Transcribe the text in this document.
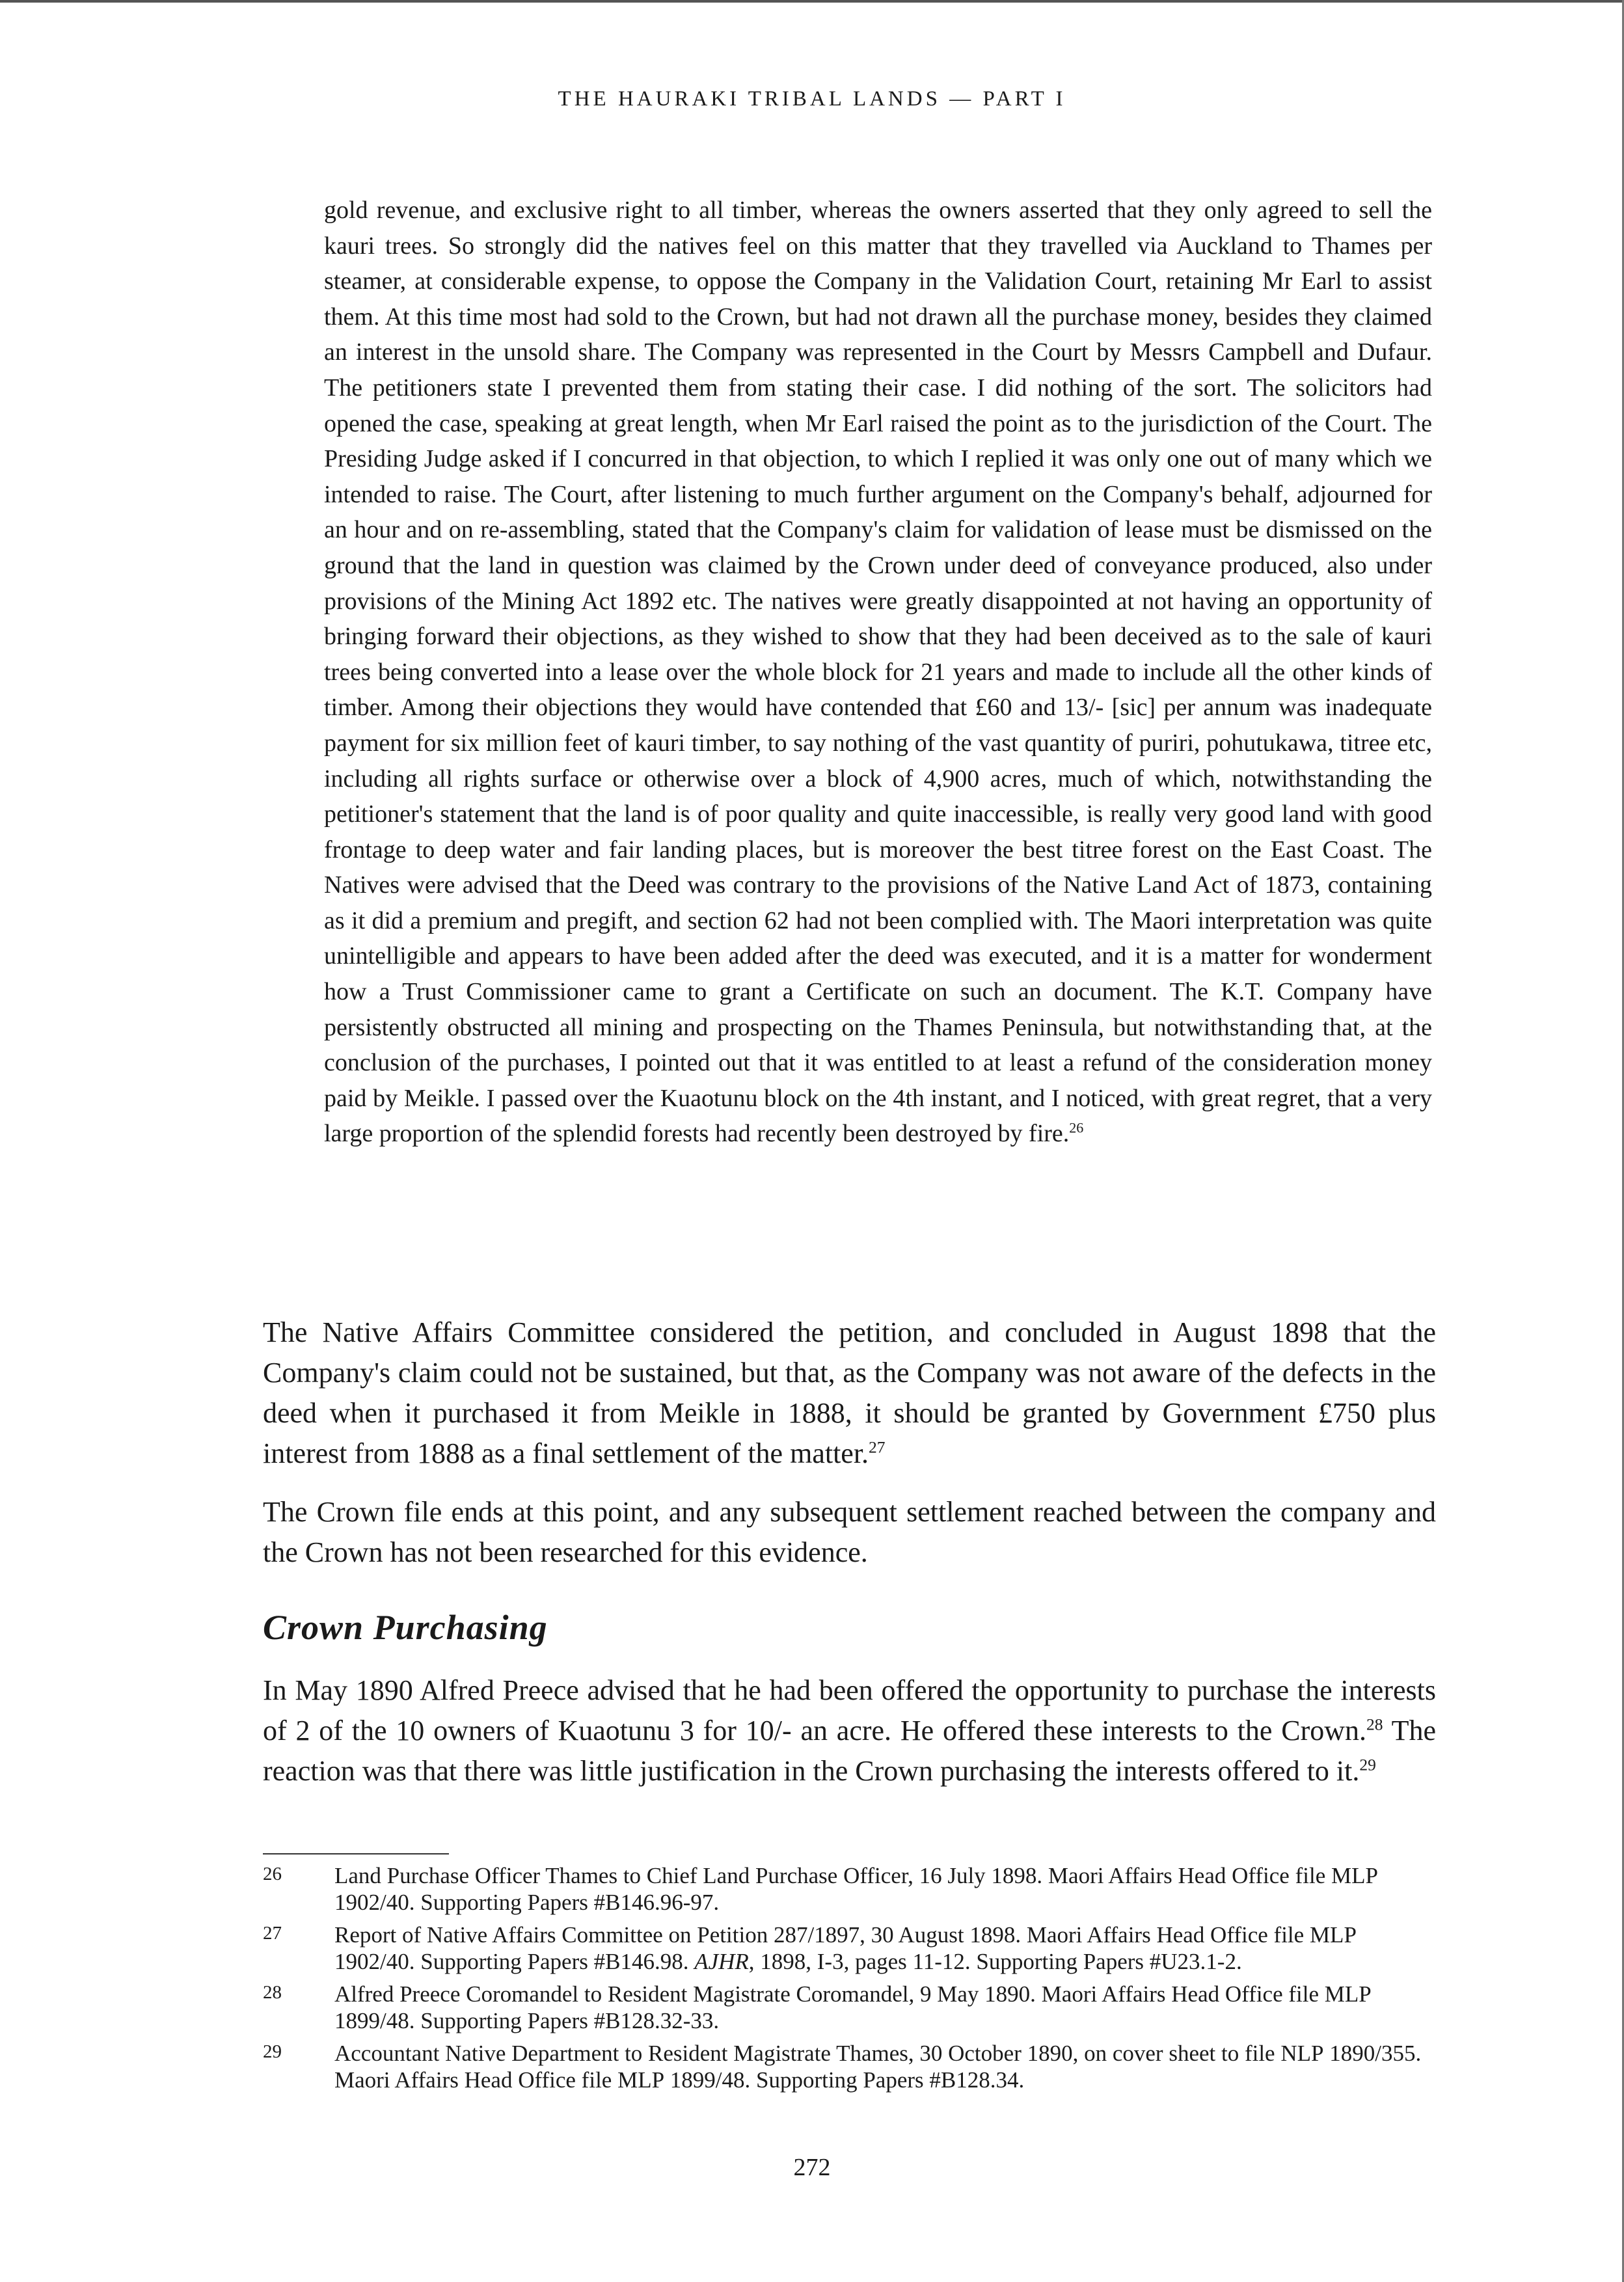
THE HAURAKI TRIBAL LANDS — PART I

gold revenue, and exclusive right to all timber, whereas the owners asserted that they only agreed to sell the kauri trees. So strongly did the natives feel on this matter that they travelled via Auckland to Thames per steamer, at considerable expense, to oppose the Company in the Validation Court, retaining Mr Earl to assist them. At this time most had sold to the Crown, but had not drawn all the purchase money, besides they claimed an interest in the unsold share. The Company was represented in the Court by Messrs Campbell and Dufaur. The petitioners state I prevented them from stating their case. I did nothing of the sort. The solicitors had opened the case, speaking at great length, when Mr Earl raised the point as to the jurisdiction of the Court. The Presiding Judge asked if I concurred in that objection, to which I replied it was only one out of many which we intended to raise. The Court, after listening to much further argument on the Company's behalf, adjourned for an hour and on re-assembling, stated that the Company's claim for validation of lease must be dismissed on the ground that the land in question was claimed by the Crown under deed of conveyance produced, also under provisions of the Mining Act 1892 etc. The natives were greatly disappointed at not having an opportunity of bringing forward their objections, as they wished to show that they had been deceived as to the sale of kauri trees being converted into a lease over the whole block for 21 years and made to include all the other kinds of timber. Among their objections they would have contended that £60 and 13/- [sic] per annum was inadequate payment for six million feet of kauri timber, to say nothing of the vast quantity of puriri, pohutukawa, titree etc, including all rights surface or otherwise over a block of 4,900 acres, much of which, notwithstanding the petitioner's statement that the land is of poor quality and quite inaccessible, is really very good land with good frontage to deep water and fair landing places, but is moreover the best titree forest on the East Coast. The Natives were advised that the Deed was contrary to the provisions of the Native Land Act of 1873, containing as it did a premium and pregift, and section 62 had not been complied with. The Maori interpretation was quite unintelligible and appears to have been added after the deed was executed, and it is a matter for wonderment how a Trust Commissioner came to grant a Certificate on such an document. The K.T. Company have persistently obstructed all mining and prospecting on the Thames Peninsula, but notwithstanding that, at the conclusion of the purchases, I pointed out that it was entitled to at least a refund of the consideration money paid by Meikle. I passed over the Kuaotunu block on the 4th instant, and I noticed, with great regret, that a very large proportion of the splendid forests had recently been destroyed by fire.$^{26}$

The Native Affairs Committee considered the petition, and concluded in August 1898 that the Company's claim could not be sustained, but that, as the Company was not aware of the defects in the deed when it purchased it from Meikle in 1888, it should be granted by Government £750 plus interest from 1888 as a final settlement of the matter.$^{27}$

The Crown file ends at this point, and any subsequent settlement reached between the company and the Crown has not been researched for this evidence.

Crown Purchasing

In May 1890 Alfred Preece advised that he had been offered the opportunity to purchase the interests of 2 of the 10 owners of Kuaotunu 3 for 10/- an acre. He offered these interests to the Crown.$^{28}$ The reaction was that there was little justification in the Crown purchasing the interests offered to it.$^{29}$

26	Land Purchase Officer Thames to Chief Land Purchase Officer, 16 July 1898. Maori Affairs Head Office file MLP 1902/40. Supporting Papers #B146.96-97.
27	Report of Native Affairs Committee on Petition 287/1897, 30 August 1898. Maori Affairs Head Office file MLP 1902/40. Supporting Papers #B146.98. AJHR, 1898, I-3, pages 11-12. Supporting Papers #U23.1-2.
28	Alfred Preece Coromandel to Resident Magistrate Coromandel, 9 May 1890. Maori Affairs Head Office file MLP 1899/48. Supporting Papers #B128.32-33.
29	Accountant Native Department to Resident Magistrate Thames, 30 October 1890, on cover sheet to file NLP 1890/355. Maori Affairs Head Office file MLP 1899/48. Supporting Papers #B128.34.
272
